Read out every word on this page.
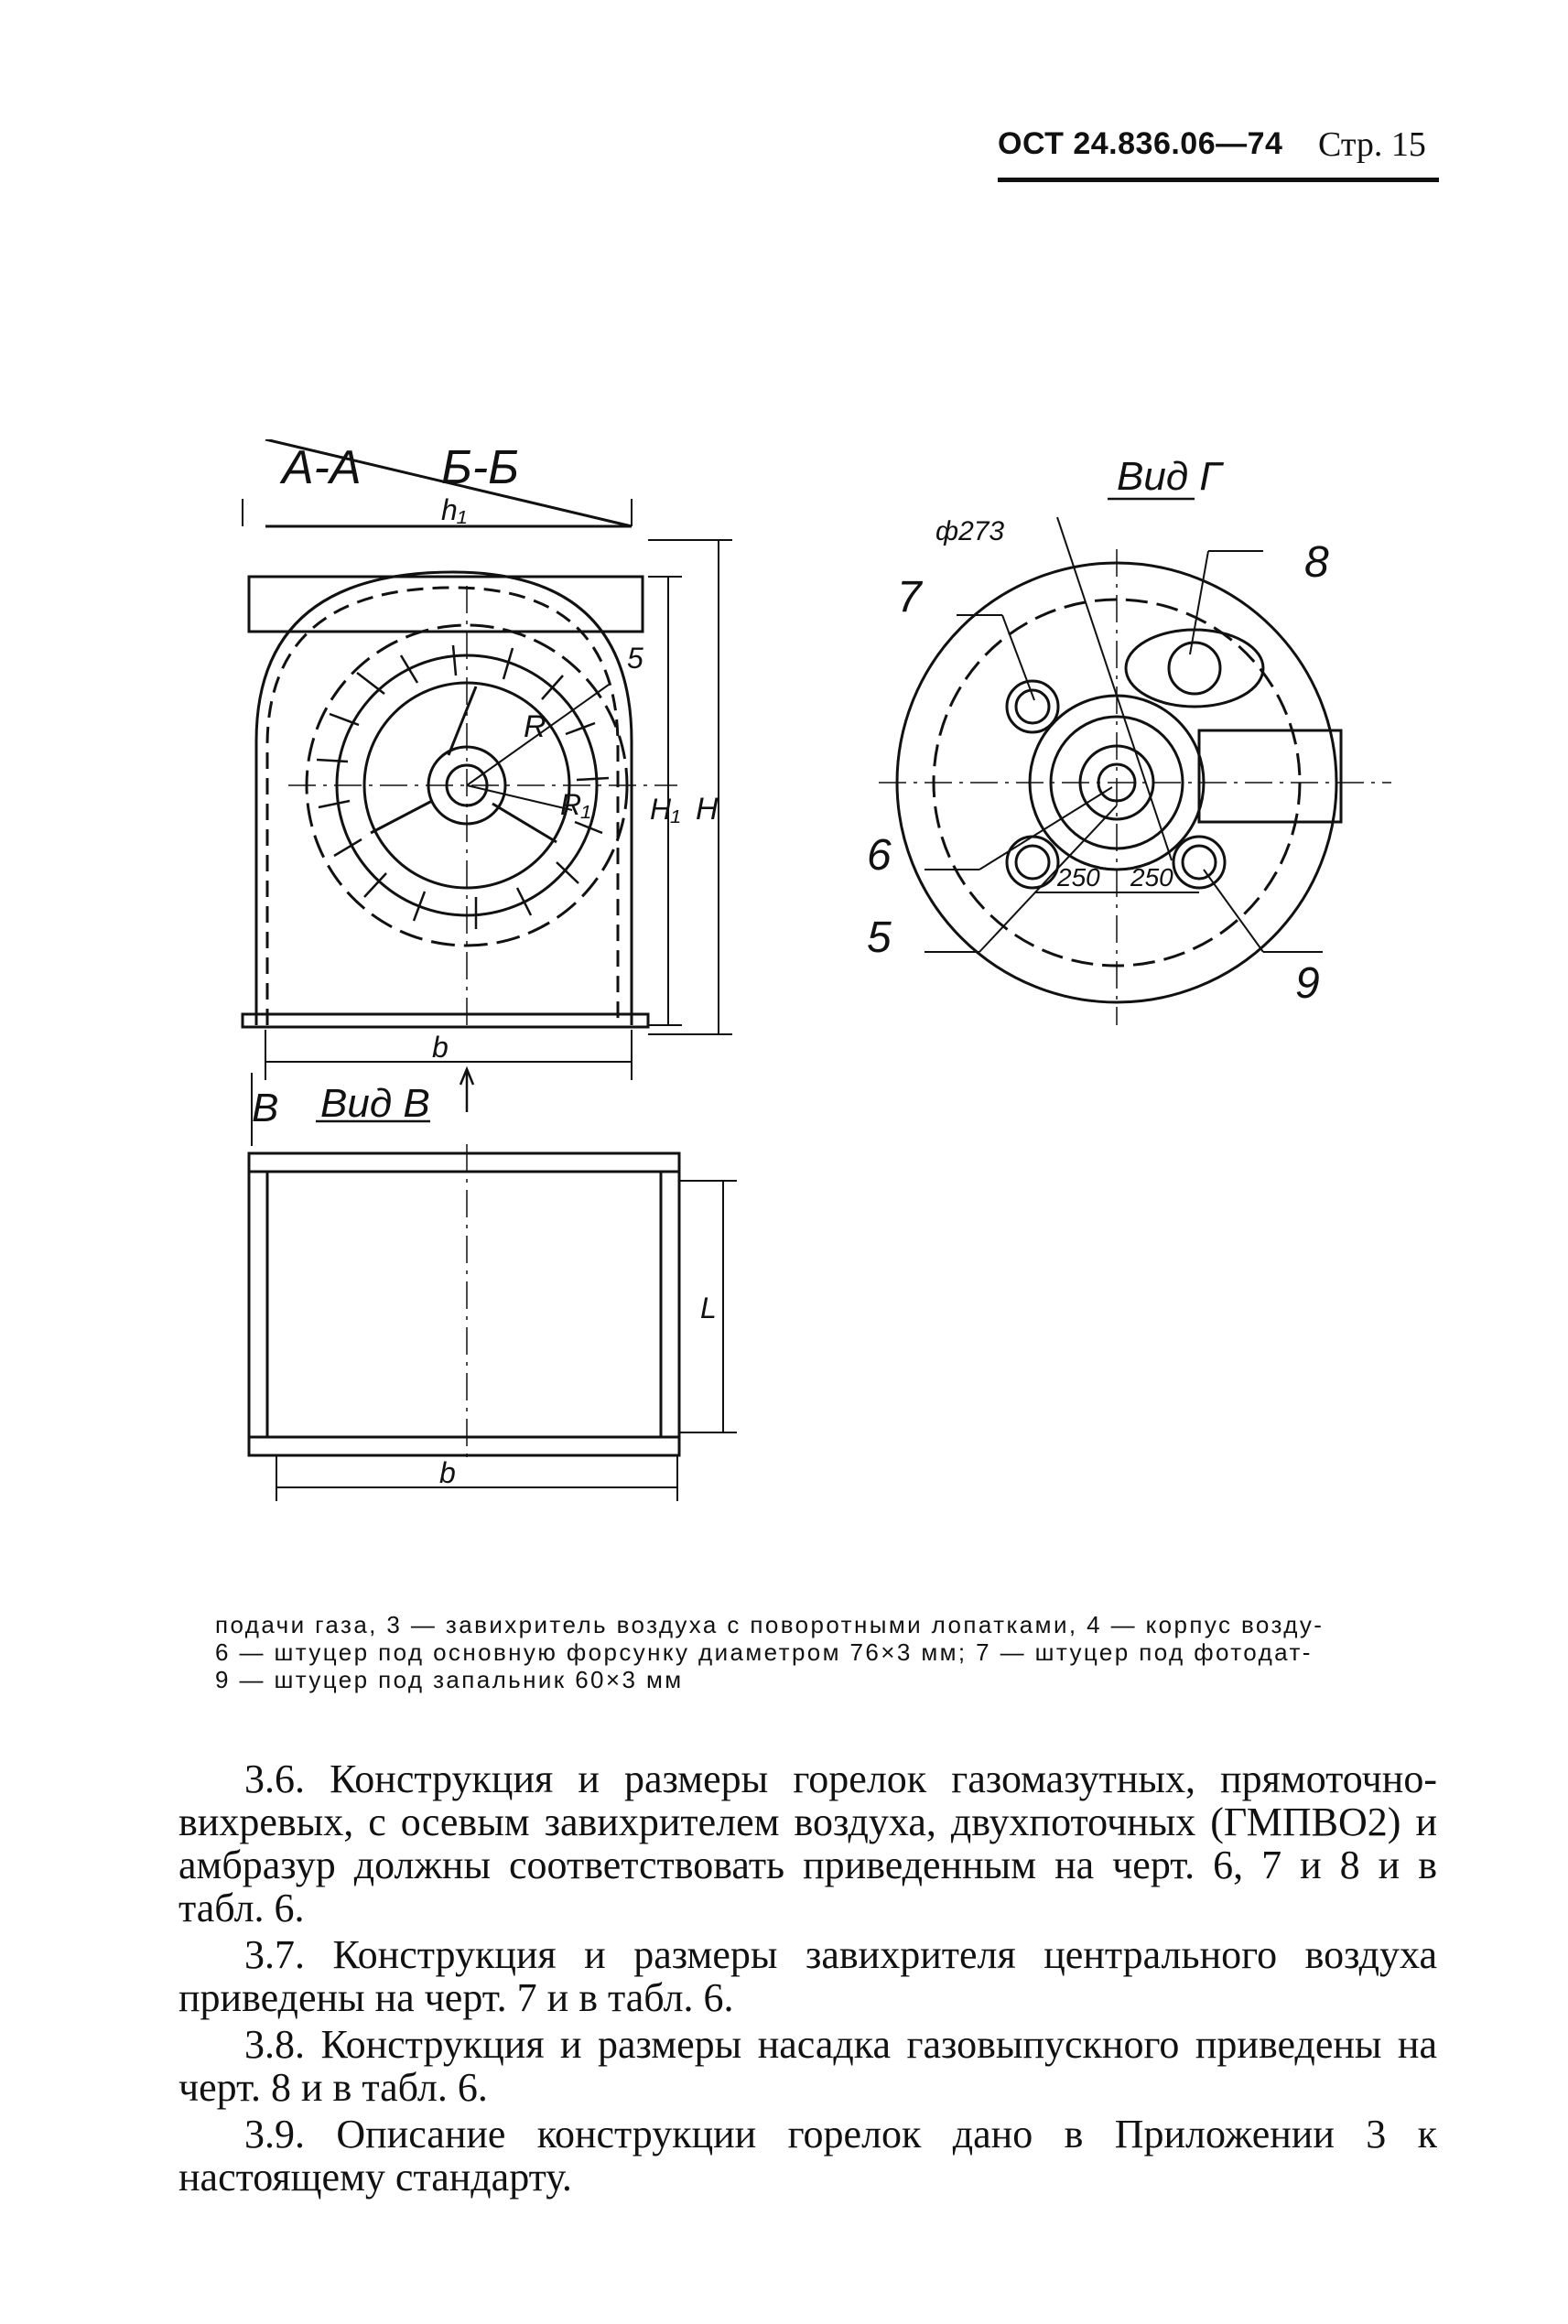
ОСТ 24.836.06—74 Стр. 15
А-А Б-Б	Вид Г
Вид В
В
h₁
5
R
R₁ H₁ H
b
b
L
ф273
7
8
6
5
9
250 250
подачи газа, 3 — завихритель воздуха с поворотными лопатками, 4 — корпус возду-
6 — штуцер под основную форсунку диаметром 76×3 мм; 7 — штуцер под фотодат-
9 — штуцер под запальник 60×3 мм

3.6. Конструкция и размеры горелок газомазутных, прямоточно-вихревых, с осевым завихрителем воздуха, двухпоточных (ГМПВО2) и амбразур должны соответствовать приведенным на черт. 6, 7 и 8 и в табл. 6.

3.7. Конструкция и размеры завихрителя центрального воздуха приведены на черт. 7 и в табл. 6.

3.8. Конструкция и размеры насадка газовыпускного приведены на черт. 8 и в табл. 6.

3.9. Описание конструкции горелок дано в Приложении 3 к настоящему стандарту.
